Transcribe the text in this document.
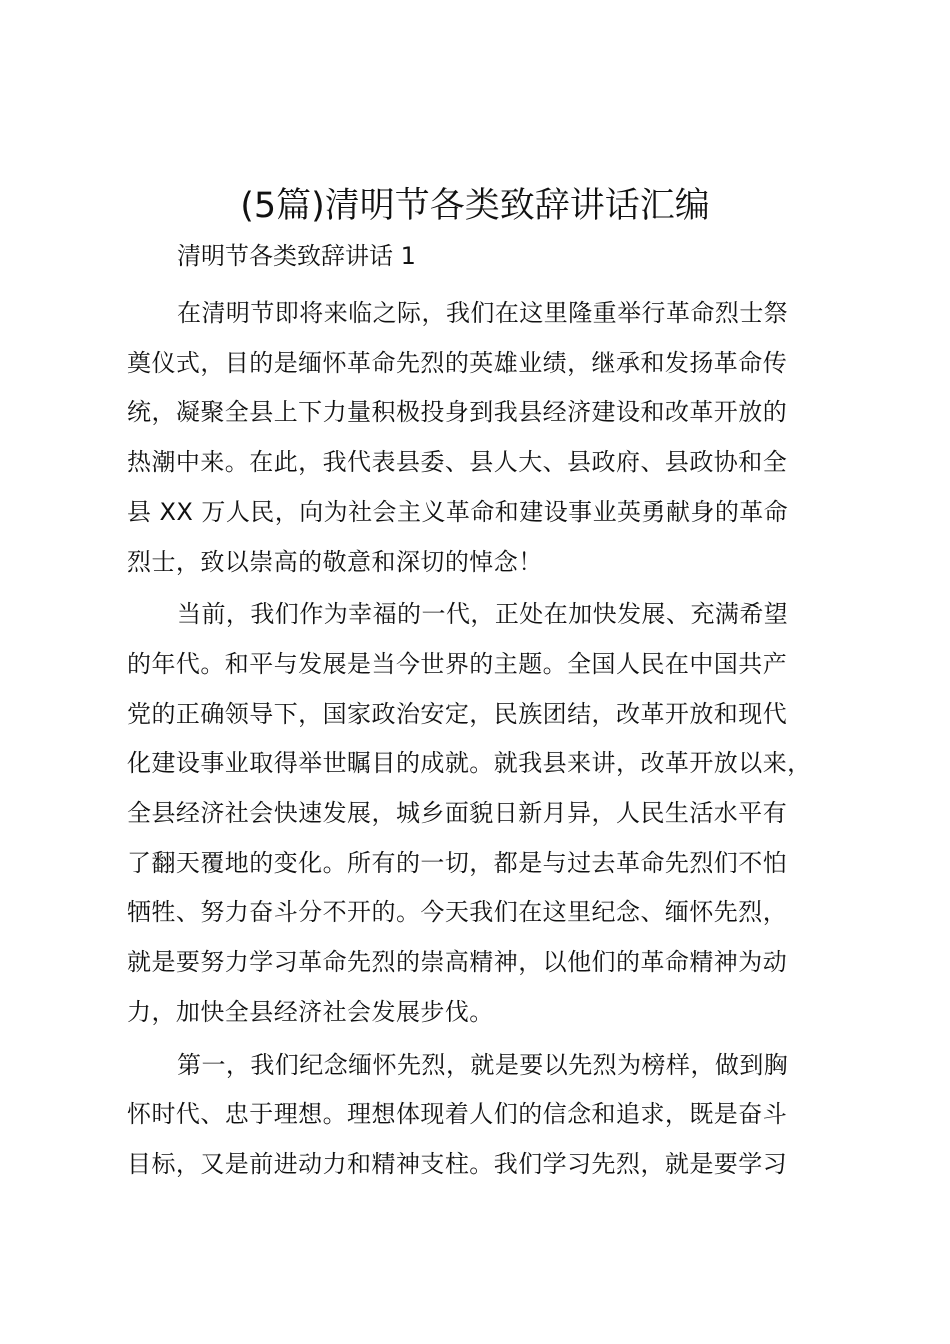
(5篇)清明节各类致辞讲话汇编

清明节各类致辞讲话 1

在清明节即将来临之际，我们在这里隆重举行革命烈士祭
奠仪式，目的是缅怀革命先烈的英雄业绩，继承和发扬革命传
统，凝聚全县上下力量积极投身到我县经济建设和改革开放的
热潮中来。在此，我代表县委、县人大、县政府、县政协和全
县 XX 万人民，向为社会主义革命和建设事业英勇献身的革命
烈士，致以崇高的敬意和深切的悼念！

当前，我们作为幸福的一代，正处在加快发展、充满希望
的年代。和平与发展是当今世界的主题。全国人民在中国共产
党的正确领导下，国家政治安定，民族团结，改革开放和现代
化建设事业取得举世瞩目的成就。就我县来讲，改革开放以来，
全县经济社会快速发展，城乡面貌日新月异，人民生活水平有
了翻天覆地的变化。所有的一切，都是与过去革命先烈们不怕
牺牲、努力奋斗分不开的。今天我们在这里纪念、缅怀先烈，
就是要努力学习革命先烈的崇高精神，以他们的革命精神为动
力，加快全县经济社会发展步伐。

第一，我们纪念缅怀先烈，就是要以先烈为榜样，做到胸
怀时代、忠于理想。理想体现着人们的信念和追求，既是奋斗
目标，又是前进动力和精神支柱。我们学习先烈，就是要学习
